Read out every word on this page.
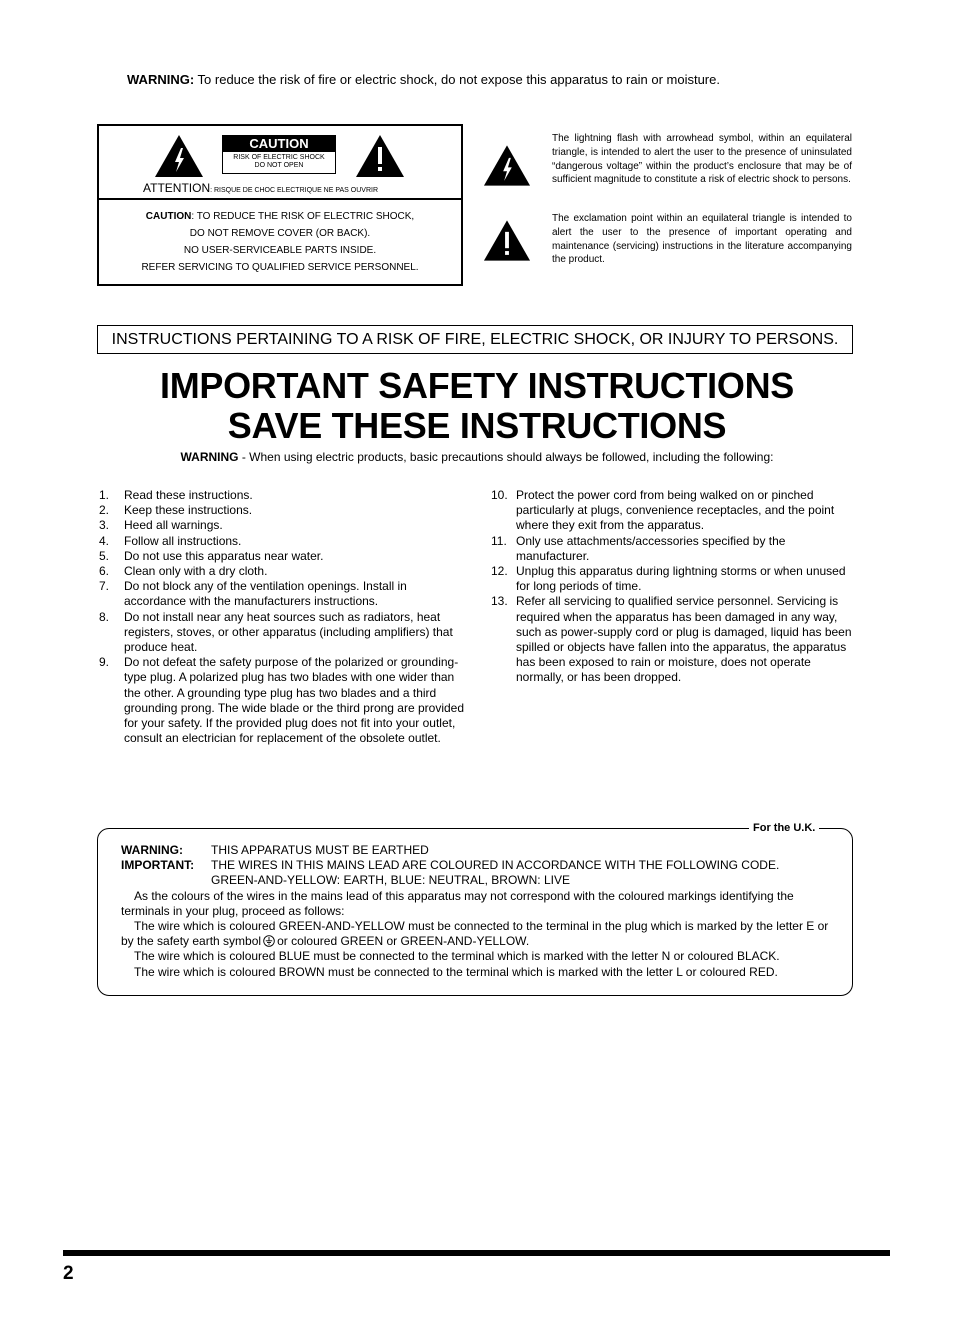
WARNING: To reduce the risk of fire or electric shock, do not expose this apparatus to rain or moisture.
CAUTION
RISK OF ELECTRIC SHOCK
DO NOT OPEN
ATTENTION: RISQUE DE CHOC ELECTRIQUE NE PAS OUVRIR
CAUTION: TO REDUCE THE RISK OF ELECTRIC SHOCK,
DO NOT REMOVE COVER (OR BACK).
NO USER-SERVICEABLE PARTS INSIDE.
REFER SERVICING TO QUALIFIED SERVICE PERSONNEL.
The lightning flash with arrowhead symbol, within an equilateral triangle, is intended to alert the user to the presence of uninsulated “dangerous voltage” within the product’s enclosure that may be of sufficient magnitude to constitute a risk of electric shock to persons.
The exclamation point within an equilateral triangle is intended to alert the user to the presence of important operating and maintenance (servicing) instructions in the literature accompanying the product.
INSTRUCTIONS PERTAINING TO A RISK OF FIRE, ELECTRIC SHOCK, OR INJURY TO PERSONS.
IMPORTANT SAFETY INSTRUCTIONS
SAVE THESE INSTRUCTIONS
WARNING - When using electric products, basic precautions should always be followed, including the following:
1.	Read these instructions.
2.	Keep these instructions.
3.	Heed all warnings.
4.	Follow all instructions.
5.	Do not use this apparatus near water.
6.	Clean only with a dry cloth.
7.	Do not block any of the ventilation openings. Install in accordance with the manufacturers instructions.
8.	Do not install near any heat sources such as radiators, heat registers, stoves, or other apparatus (including amplifiers) that produce heat.
9.	Do not defeat the safety purpose of the polarized or grounding-type plug. A polarized plug has two blades with one wider than the other. A grounding type plug has two blades and a third grounding prong. The wide blade or the third prong are provided for your safety. If the provided plug does not fit into your outlet, consult an electrician for replacement of the obsolete outlet.
10. Protect the power cord from being walked on or pinched particularly at plugs, convenience receptacles, and the point where they exit from the apparatus.
11. Only use attachments/accessories specified by the manufacturer.
12. Unplug this apparatus during lightning storms or when unused for long periods of time.
13. Refer all servicing to qualified service personnel. Servicing is required when the apparatus has been damaged in any way, such as power-supply cord or plug is damaged, liquid has been spilled or objects have fallen into the apparatus, the apparatus has been exposed to rain or moisture, does not operate normally, or has been dropped.
For the U.K.
WARNING:	THIS APPARATUS MUST BE EARTHED
IMPORTANT:	THE WIRES IN THIS MAINS LEAD ARE COLOURED IN ACCORDANCE WITH THE FOLLOWING CODE.
GREEN-AND-YELLOW: EARTH, BLUE: NEUTRAL, BROWN: LIVE
As the colours of the wires in the mains lead of this apparatus may not correspond with the coloured markings identifying the terminals in your plug, proceed as follows:
The wire which is coloured GREEN-AND-YELLOW must be connected to the terminal in the plug which is marked by the letter E or by the safety earth symbol or coloured GREEN or GREEN-AND-YELLOW.
The wire which is coloured BLUE must be connected to the terminal which is marked with the letter N or coloured BLACK.
The wire which is coloured BROWN must be connected to the terminal which is marked with the letter L or coloured RED.
2
